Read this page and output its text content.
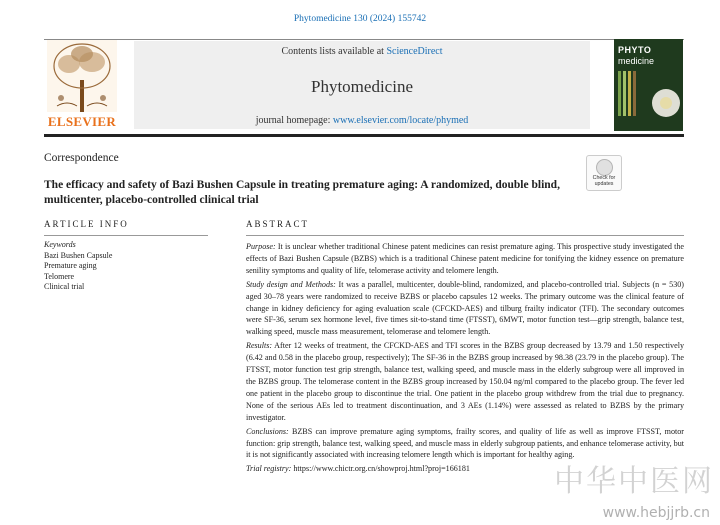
Phytomedicine 130 (2024) 155742
ELSEVIER
Contents lists available at ScienceDirect
Phytomedicine
journal homepage: www.elsevier.com/locate/phymed
PHYTO
medicine
Correspondence
Check for
updates
The efficacy and safety of Bazi Bushen Capsule in treating premature aging: A randomized, double blind, multicenter, placebo-controlled clinical trial
ARTICLE INFO	ABSTRACT
Keywords
Bazi Bushen Capsule
Premature aging
Telomere
Clinical trial

Purpose: It is unclear whether traditional Chinese patent medicines can resist premature aging. This prospective study investigated the effects of Bazi Bushen Capsule (BZBS) which is a traditional Chinese patent medicine for tonifying the kidney essence on premature senility symptoms and quality of life, telomerase activity and telomere length.

Study design and Methods: It was a parallel, multicenter, double-blind, randomized, and placebo-controlled trial. Subjects (n = 530) aged 30–78 years were randomized to receive BZBS or placebo capsules 12 weeks. The primary outcome was the clinical feature of change in kidney deficiency for aging evaluation scale (CFCKD-AES) and tilburg frailty indicator (TFI). The secondary outcomes were SF-36, serum sex hormone level, five times sit-to-stand time (FTSST), 6MWT, motor function test—grip strength, balance test, walking speed, muscle mass measurement, telomerase and telomere length.

Results: After 12 weeks of treatment, the CFCKD-AES and TFI scores in the BZBS group decreased by 13.79 and 1.50 respectively (6.42 and 0.58 in the placebo group, respectively); The SF-36 in the BZBS group increased by 98.38 (23.79 in the placebo group). The FTSST, motor function test grip strength, balance test, walking speed, and muscle mass in the elderly subgroup were all improved in the BZBS group. The telomerase content in the BZBS group increased by 150.04 ng/ml compared to the placebo group. The fever led one patient in the placebo group to discontinue the trial. One patient in the placebo group withdrew from the trial due to pregnancy. None of the serious AEs led to treatment discontinuation, and 3 AEs (1.14%) were assessed as related to BZBS by the primary investigator.

Conclusions: BZBS can improve premature aging symptoms, frailty scores, and quality of life as well as improve FTSST, motor function: grip strength, balance test, walking speed, and muscle mass in elderly subgroup patients, and enhance telomerase activity, but it is not significantly associated with increasing telomere length which is important for healthy aging.

Trial registry: https://www.chictr.org.cn/showproj.html?proj=166181	中华中医网
www.hebjjrb.cn
